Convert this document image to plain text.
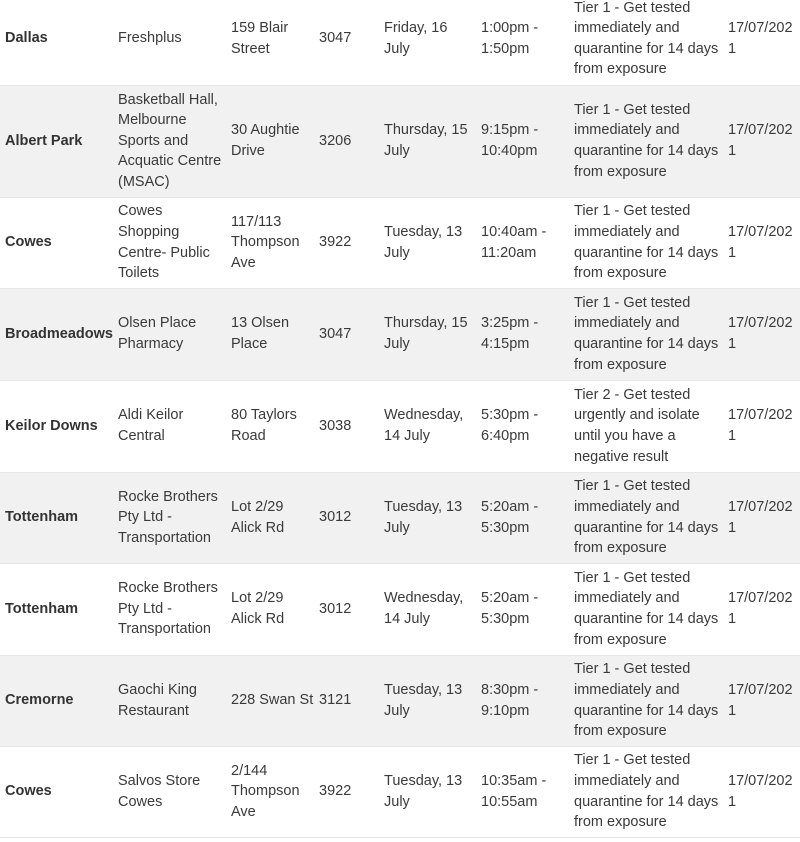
Dallas	Freshplus	159 Blair Street	3047	Friday, 16 July	1:00pm - 1:50pm	Tier 1 - Get tested immediately and quarantine for 14 days from exposure	17/07/2021
Albert Park	Basketball Hall, Melbourne Sports and Acquatic Centre (MSAC)	30 Aughtie Drive	3206	Thursday, 15 July	9:15pm - 10:40pm	Tier 1 - Get tested immediately and quarantine for 14 days from exposure	17/07/2021
Cowes	Cowes Shopping Centre- Public Toilets	117/113 Thompson Ave	3922	Tuesday, 13 July	10:40am - 11:20am	Tier 1 - Get tested immediately and quarantine for 14 days from exposure	17/07/2021
Broadmeadows	Olsen Place Pharmacy	13 Olsen Place	3047	Thursday, 15 July	3:25pm - 4:15pm	Tier 1 - Get tested immediately and quarantine for 14 days from exposure	17/07/2021
Keilor Downs	Aldi Keilor Central	80 Taylors Road	3038	Wednesday, 14 July	5:30pm - 6:40pm	Tier 2 - Get tested urgently and isolate until you have a negative result	17/07/2021
Tottenham	Rocke Brothers Pty Ltd - Transportation	Lot 2/29 Alick Rd	3012	Tuesday, 13 July	5:20am - 5:30pm	Tier 1 - Get tested immediately and quarantine for 14 days from exposure	17/07/2021
Tottenham	Rocke Brothers Pty Ltd - Transportation	Lot 2/29 Alick Rd	3012	Wednesday, 14 July	5:20am - 5:30pm	Tier 1 - Get tested immediately and quarantine for 14 days from exposure	17/07/2021
Cremorne	Gaochi King Restaurant	228 Swan St	3121	Tuesday, 13 July	8:30pm - 9:10pm	Tier 1 - Get tested immediately and quarantine for 14 days from exposure	17/07/2021
Cowes	Salvos Store Cowes	2/144 Thompson Ave	3922	Tuesday, 13 July	10:35am - 10:55am	Tier 1 - Get tested immediately and quarantine for 14 days from exposure	17/07/2021
